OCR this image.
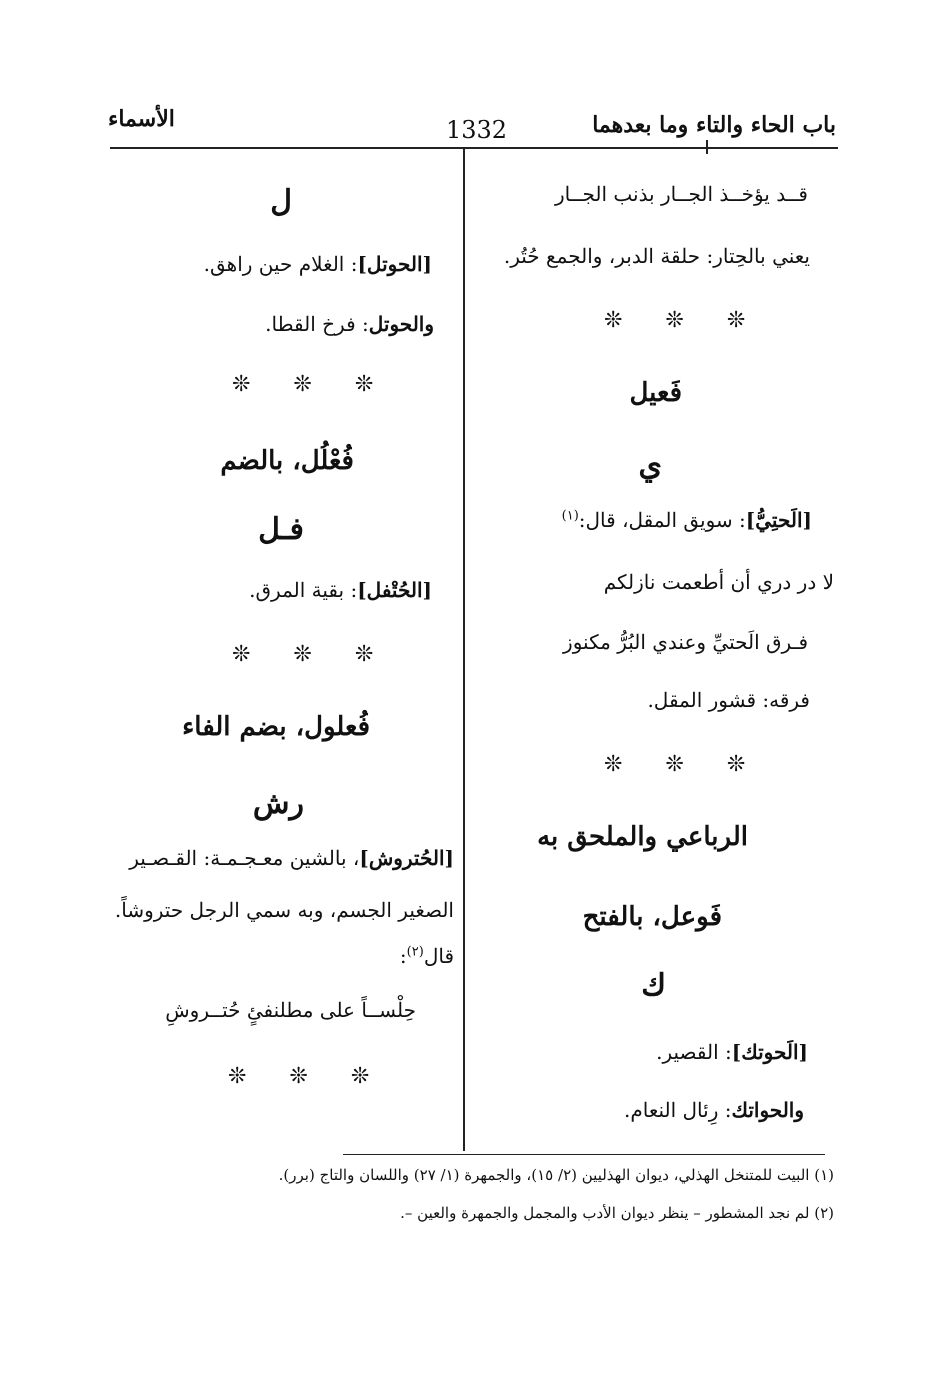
الأسماء	1332	باب الحاء والتاء وما بعدهما
قــد يؤخــذ الجــار بذنب الجــار
يعني بالحِتار: حلقة الدبر، والجمع حُتُر.
❊ ❊ ❊
فَعيل
ي
[الَحتِيُّ]: سويق المقل، قال:$^{(١)}$
لا در دري أن أطعمت نازلكم
فـرق الَحتيِّ وعندي البُرُّ مكنوز
فرقه: قشور المقل.
❊ ❊ ❊
الرباعي والملحق به
فَوعل، بالفتح
ك
[الَحوتك]: القصير.
والحواتك: رِئال النعام.
ل
[الحوتل]: الغلام حين راهق.
والحوتل: فرخ القطا.
❊ ❊ ❊
فُعْلُل، بالضم
فـل
[الحُتْفل]: بقية المرق.
❊ ❊ ❊
فُعلول، بضم الفاء
رش
[الحُتروش]، بالشين معـجـمـة: القـصـير
الصغير الجسم، وبه سمي الرجل حتروشاً.
قال$^{(٢)}$:
حِلْســاً على مطلنفئٍ حُتــروشِ
❊ ❊ ❊
(١) البيت للمتنخل الهذلي، ديوان الهذليين (٢/ ١٥)، والجمهرة (١/ ٢٧) واللسان والتاج (برر).
(٢) لم نجد المشطور – ينظر ديوان الأدب والمجمل والجمهرة والعين –.
